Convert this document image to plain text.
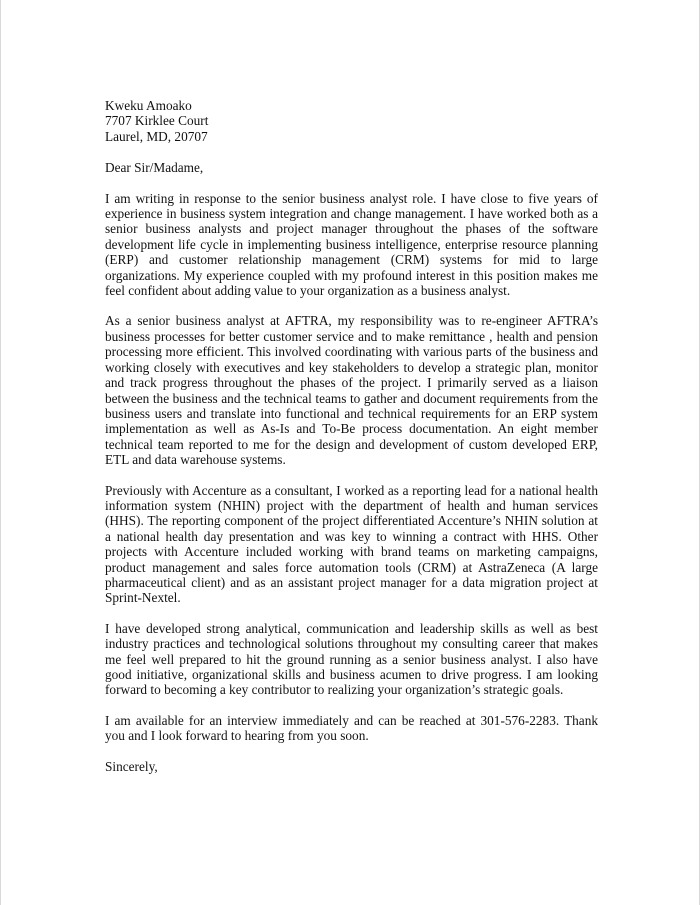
Kweku Amoako
7707 Kirklee Court
Laurel, MD, 20707
Dear Sir/Madame,
I am writing in response to the senior business analyst role. I have close to five years of experience in business system integration and change management. I have worked both as a senior business analysts and project manager throughout the phases of the software development life cycle in implementing business intelligence, enterprise resource planning (ERP) and customer relationship management (CRM) systems for mid to large organizations. My experience coupled with my profound interest in this position makes me feel confident about adding value to your organization as a business analyst.
As a senior business analyst at AFTRA, my responsibility was to re-engineer AFTRA’s business processes for better customer service and to make remittance , health and pension processing more efficient. This involved coordinating with various parts of the business and working closely with executives and key stakeholders to develop a strategic plan, monitor and track progress throughout the phases of the project. I primarily served as a liaison between the business and the technical teams to gather and document requirements from the business users and translate into functional and technical requirements for an ERP system implementation as well as As-Is and To-Be process documentation. An eight member technical team reported to me for the design and development of custom developed ERP, ETL and data warehouse systems.
Previously with Accenture as a consultant, I worked as a reporting lead for a national health information system (NHIN) project with the department of health and human services (HHS). The reporting component of the project differentiated Accenture’s NHIN solution at a national health day presentation and was key to winning a contract with HHS. Other projects with Accenture included working with brand teams on marketing campaigns, product management and sales force automation tools (CRM) at AstraZeneca (A large pharmaceutical client) and as an assistant project manager for a data migration project at Sprint-Nextel.
I have developed strong analytical, communication and leadership skills as well as best industry practices and technological solutions throughout my consulting career that makes me feel well prepared to hit the ground running as a senior business analyst. I also have good initiative, organizational skills and business acumen to drive progress. I am looking forward to becoming a key contributor to realizing your organization’s strategic goals.
I am available for an interview immediately and can be reached at 301-576-2283. Thank you and I look forward to hearing from you soon.
Sincerely,
